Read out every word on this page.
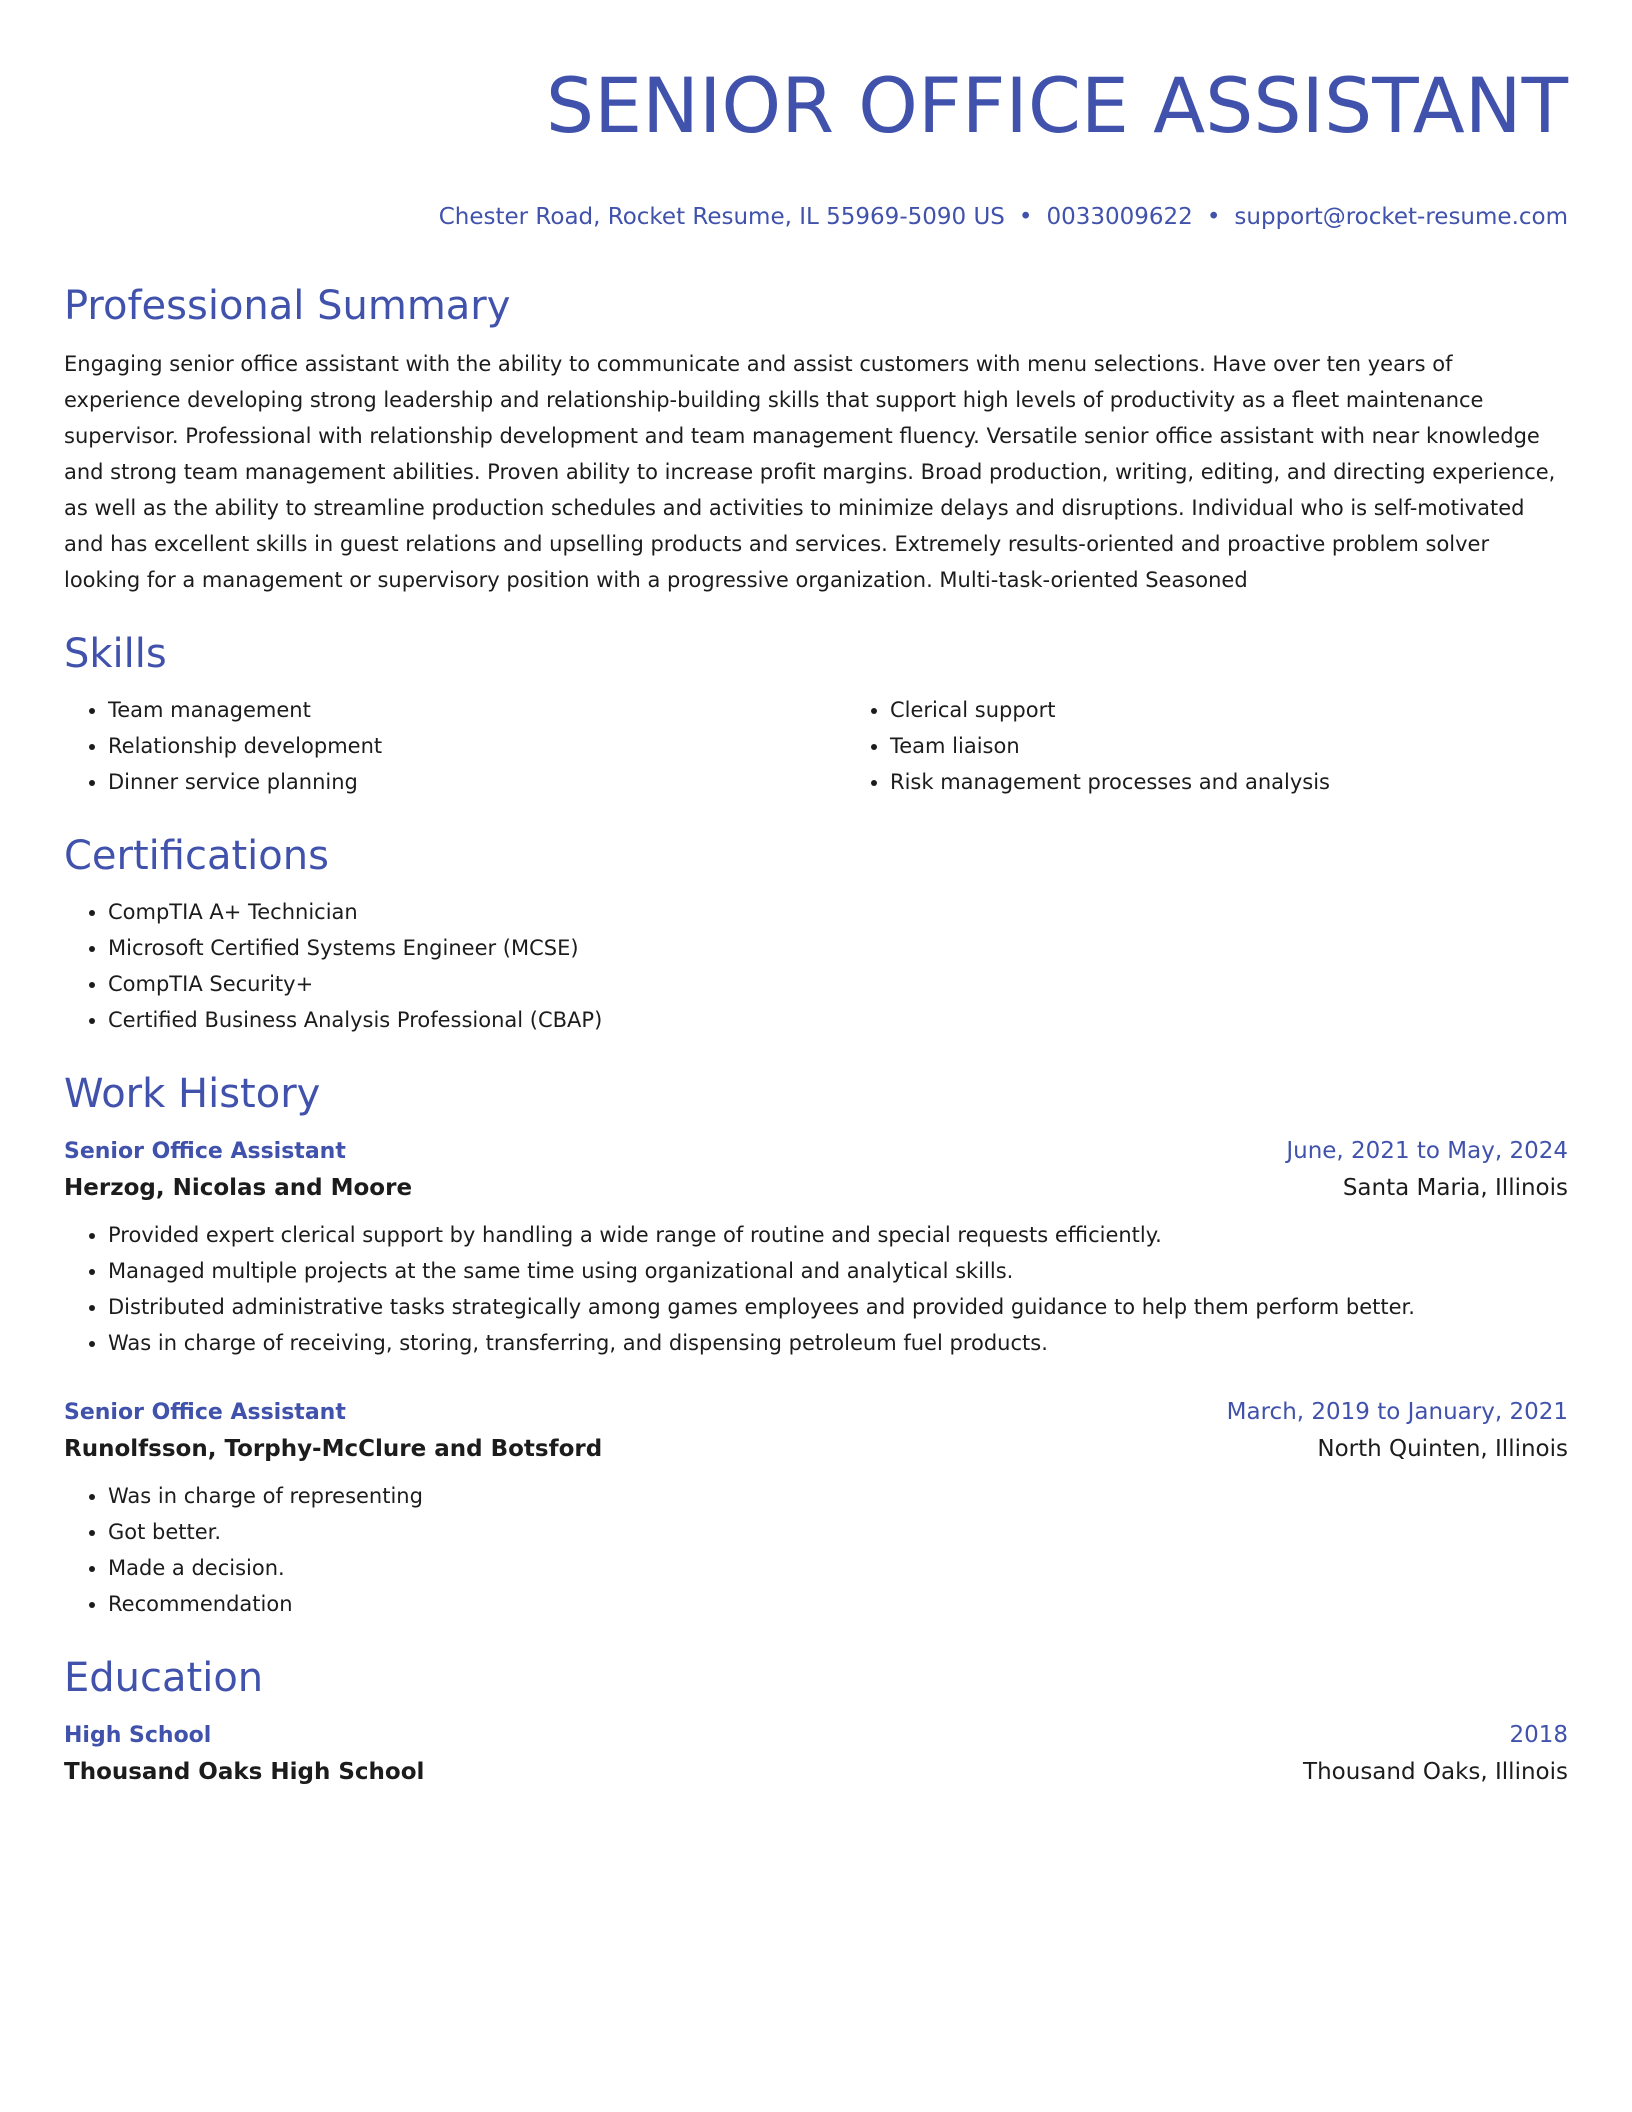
SENIOR OFFICE ASSISTANT
Chester Road, Rocket Resume, IL 55969-5090 US • 0033009622 • support@rocket-resume.com
Professional Summary

Engaging senior office assistant with the ability to communicate and assist customers with menu selections. Have over ten years of experience developing strong leadership and relationship-building skills that support high levels of productivity as a fleet maintenance supervisor. Professional with relationship development and team management fluency. Versatile senior office assistant with near knowledge and strong team management abilities. Proven ability to increase profit margins. Broad production, writing, editing, and directing experience, as well as the ability to streamline production schedules and activities to minimize delays and disruptions. Individual who is self-motivated and has excellent skills in guest relations and upselling products and services. Extremely results-oriented and proactive problem solver looking for a management or supervisory position with a progressive organization. Multi-task-oriented Seasoned

Skills
• Team management
• Relationship development
• Dinner service planning
• Clerical support
• Team liaison
• Risk management processes and analysis
Certifications
• CompTIA A+ Technician
• Microsoft Certified Systems Engineer (MCSE)
• CompTIA Security+
• Certified Business Analysis Professional (CBAP)
Work History
Senior Office Assistant	June, 2021 to May, 2024
Herzog, Nicolas and Moore	Santa Maria, Illinois
• Provided expert clerical support by handling a wide range of routine and special requests efficiently.
• Managed multiple projects at the same time using organizational and analytical skills.
• Distributed administrative tasks strategically among games employees and provided guidance to help them perform better.
• Was in charge of receiving, storing, transferring, and dispensing petroleum fuel products.
Senior Office Assistant	March, 2019 to January, 2021
Runolfsson, Torphy-McClure and Botsford	North Quinten, Illinois
• Was in charge of representing
• Got better.
• Made a decision.
• Recommendation
Education
High School	2018
Thousand Oaks High School	Thousand Oaks, Illinois
